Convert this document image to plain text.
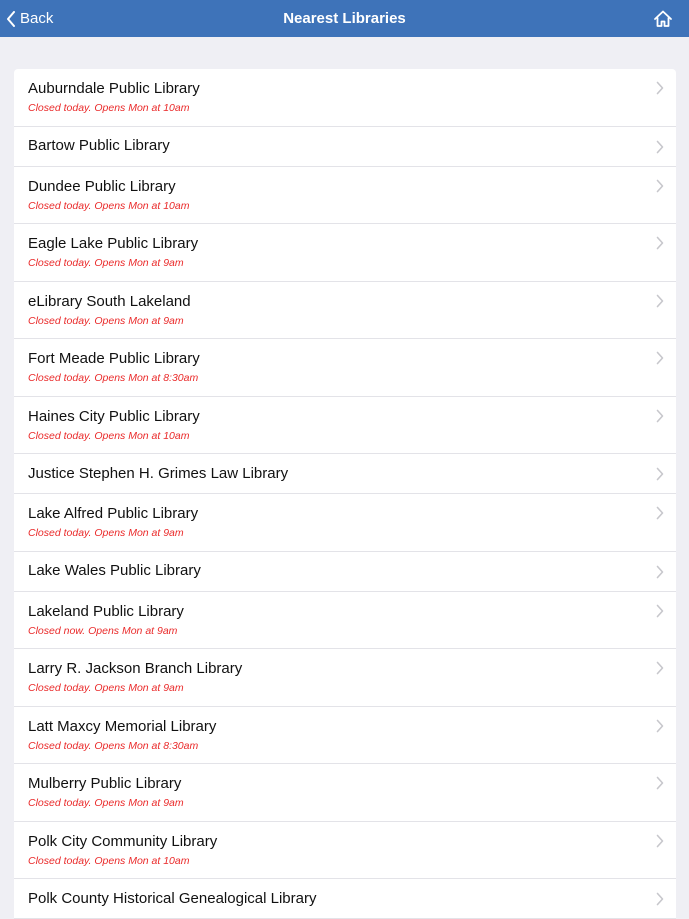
Back	Nearest Libraries
Auburndale Public Library
Closed today. Opens Mon at 10am
Bartow Public Library
Dundee Public Library
Closed today. Opens Mon at 10am
Eagle Lake Public Library
Closed today. Opens Mon at 9am
eLibrary South Lakeland
Closed today. Opens Mon at 9am
Fort Meade Public Library
Closed today. Opens Mon at 8:30am
Haines City Public Library
Closed today. Opens Mon at 10am
Justice Stephen H. Grimes Law Library
Lake Alfred Public Library
Closed today. Opens Mon at 9am
Lake Wales Public Library
Lakeland Public Library
Closed now. Opens Mon at 9am
Larry R. Jackson Branch Library
Closed today. Opens Mon at 9am
Latt Maxcy Memorial Library
Closed today. Opens Mon at 8:30am
Mulberry Public Library
Closed today. Opens Mon at 9am
Polk City Community Library
Closed today. Opens Mon at 10am
Polk County Historical Genealogical Library
